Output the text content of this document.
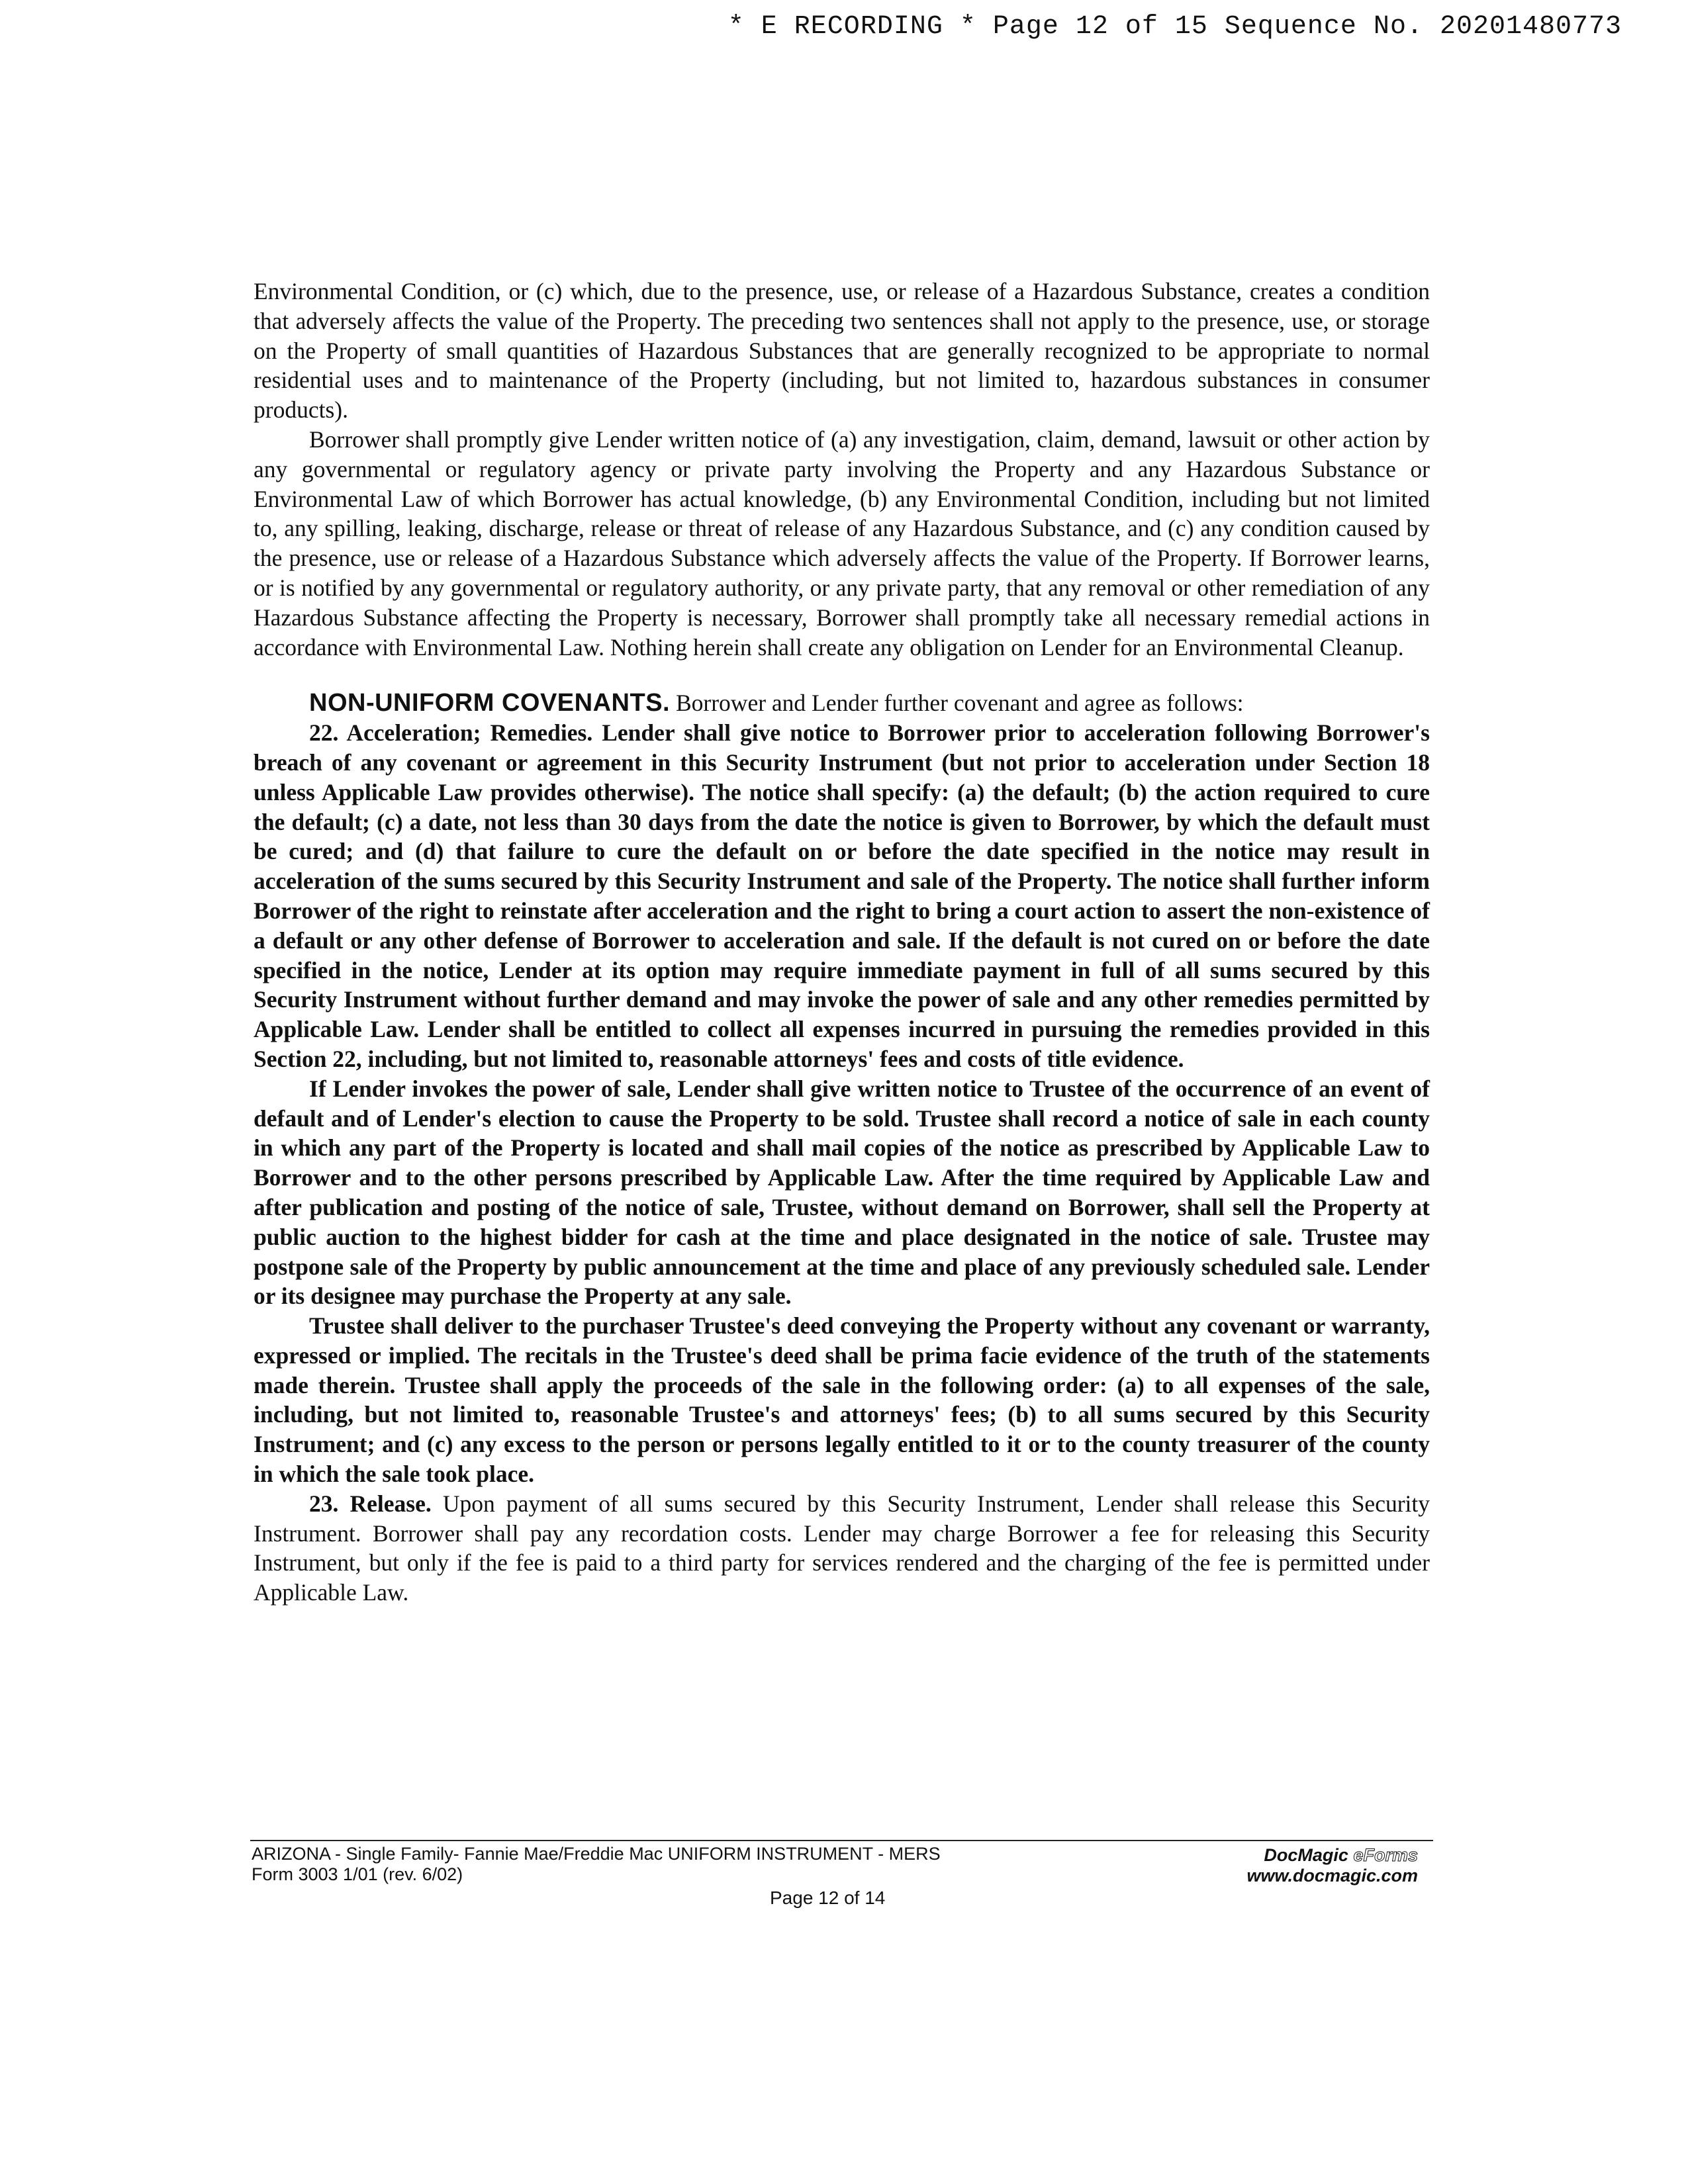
* E RECORDING * Page 12 of 15 Sequence No. 20201480773

Environmental Condition, or (c) which, due to the presence, use, or release of a Hazardous Substance, creates a condition that adversely affects the value of the Property. The preceding two sentences shall not apply to the presence, use, or storage on the Property of small quantities of Hazardous Substances that are generally recognized to be appropriate to normal residential uses and to maintenance of the Property (including, but not limited to, hazardous substances in consumer products).

Borrower shall promptly give Lender written notice of (a) any investigation, claim, demand, lawsuit or other action by any governmental or regulatory agency or private party involving the Property and any Hazardous Substance or Environmental Law of which Borrower has actual knowledge, (b) any Environmental Condition, including but not limited to, any spilling, leaking, discharge, release or threat of release of any Hazardous Substance, and (c) any condition caused by the presence, use or release of a Hazardous Substance which adversely affects the value of the Property. If Borrower learns, or is notified by any governmental or regulatory authority, or any private party, that any removal or other remediation of any Hazardous Substance affecting the Property is necessary, Borrower shall promptly take all necessary remedial actions in accordance with Environmental Law. Nothing herein shall create any obligation on Lender for an Environmental Cleanup.

NON-UNIFORM COVENANTS. Borrower and Lender further covenant and agree as follows:

22. Acceleration; Remedies. Lender shall give notice to Borrower prior to acceleration following Borrower's breach of any covenant or agreement in this Security Instrument (but not prior to acceleration under Section 18 unless Applicable Law provides otherwise). The notice shall specify: (a) the default; (b) the action required to cure the default; (c) a date, not less than 30 days from the date the notice is given to Borrower, by which the default must be cured; and (d) that failure to cure the default on or before the date specified in the notice may result in acceleration of the sums secured by this Security Instrument and sale of the Property. The notice shall further inform Borrower of the right to reinstate after acceleration and the right to bring a court action to assert the non-existence of a default or any other defense of Borrower to acceleration and sale. If the default is not cured on or before the date specified in the notice, Lender at its option may require immediate payment in full of all sums secured by this Security Instrument without further demand and may invoke the power of sale and any other remedies permitted by Applicable Law. Lender shall be entitled to collect all expenses incurred in pursuing the remedies provided in this Section 22, including, but not limited to, reasonable attorneys' fees and costs of title evidence.

If Lender invokes the power of sale, Lender shall give written notice to Trustee of the occurrence of an event of default and of Lender's election to cause the Property to be sold. Trustee shall record a notice of sale in each county in which any part of the Property is located and shall mail copies of the notice as prescribed by Applicable Law to Borrower and to the other persons prescribed by Applicable Law. After the time required by Applicable Law and after publication and posting of the notice of sale, Trustee, without demand on Borrower, shall sell the Property at public auction to the highest bidder for cash at the time and place designated in the notice of sale. Trustee may postpone sale of the Property by public announcement at the time and place of any previously scheduled sale. Lender or its designee may purchase the Property at any sale.

Trustee shall deliver to the purchaser Trustee's deed conveying the Property without any covenant or warranty, expressed or implied. The recitals in the Trustee's deed shall be prima facie evidence of the truth of the statements made therein. Trustee shall apply the proceeds of the sale in the following order: (a) to all expenses of the sale, including, but not limited to, reasonable Trustee's and attorneys' fees; (b) to all sums secured by this Security Instrument; and (c) any excess to the person or persons legally entitled to it or to the county treasurer of the county in which the sale took place.

23. Release. Upon payment of all sums secured by this Security Instrument, Lender shall release this Security Instrument. Borrower shall pay any recordation costs. Lender may charge Borrower a fee for releasing this Security Instrument, but only if the fee is paid to a third party for services rendered and the charging of the fee is permitted under Applicable Law.

ARIZONA - Single Family- Fannie Mae/Freddie Mac UNIFORM INSTRUMENT - MERS
Form 3003 1/01 (rev. 6/02)
DocMagic eForms
www.docmagic.com
Page 12 of 14
